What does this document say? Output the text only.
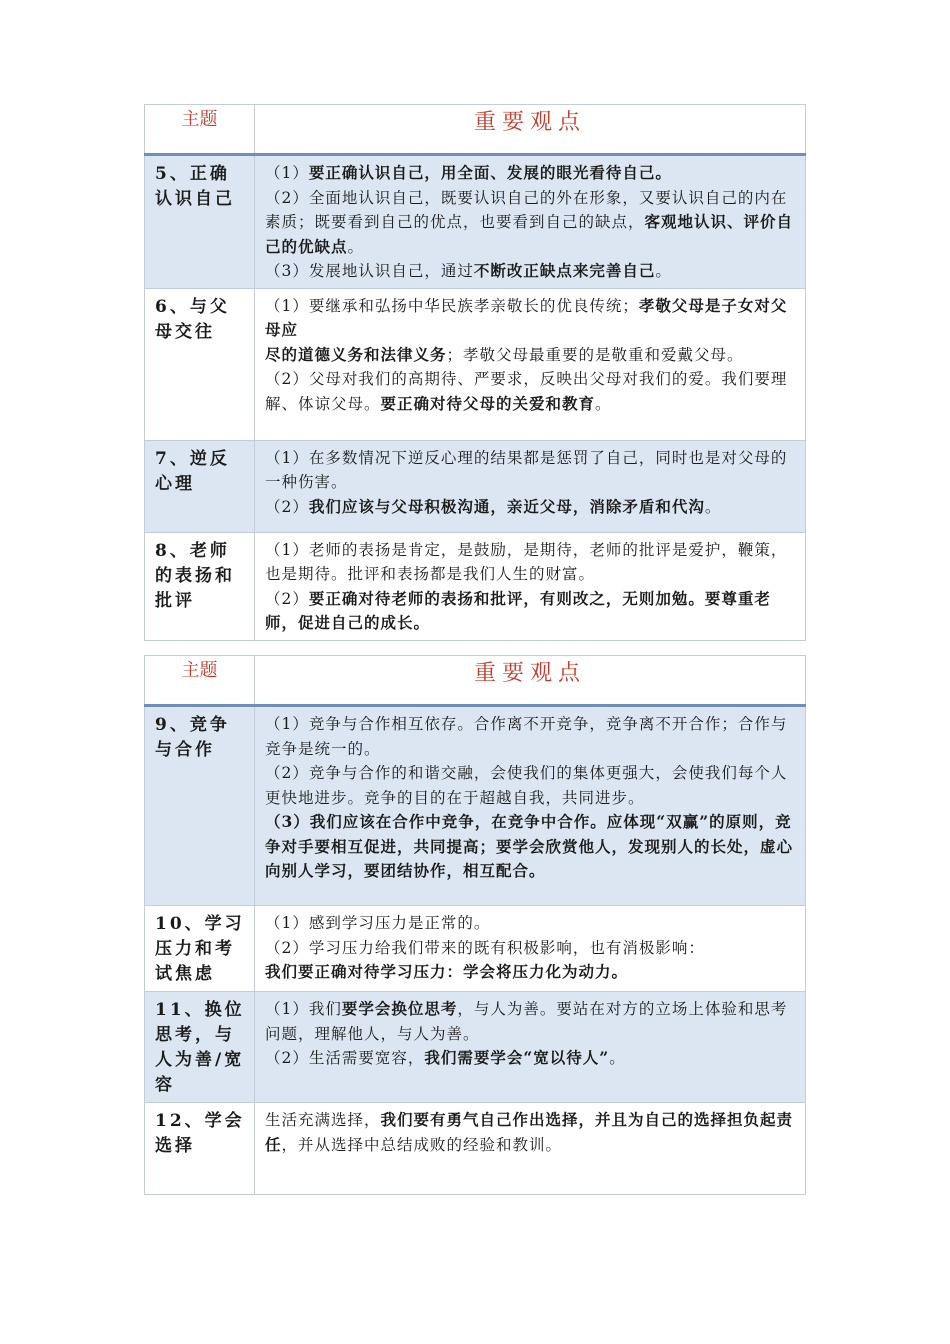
主题	重要观点
5、正确认识自己	（1）要正确认识自己，用全面、发展的眼光看待自己。
（2）全面地认识自己，既要认识自己的外在形象，又要认识自己的内在素质；既要看到自己的优点，也要看到自己的缺点，客观地认识、评价自己的优缺点。
（3）发展地认识自己，通过不断改正缺点来完善自己。

6、与父母交往	（1）要继承和弘扬中华民族孝亲敬长的优良传统；孝敬父母是子女对父母应
尽的道德义务和法律义务；孝敬父母最重要的是敬重和爱戴父母。
（2）父母对我们的高期待、严要求，反映出父母对我们的爱。我们要理解、体谅父母。要正确对待父母的关爱和教育。

7、逆反心理	（1）在多数情况下逆反心理的结果都是惩罚了自己，同时也是对父母的一种伤害。
（2）我们应该与父母积极沟通，亲近父母，消除矛盾和代沟。

8、老师的表扬和批评	（1）老师的表扬是肯定，是鼓励，是期待，老师的批评是爱护，鞭策，也是期待。批评和表扬都是我们人生的财富。
（2）要正确对待老师的表扬和批评，有则改之，无则加勉。要尊重老师，促进自己的成长。
主题	重要观点
9、竞争与合作	（1）竞争与合作相互依存。合作离不开竞争，竞争离不开合作；合作与竞争是统一的。
（2）竞争与合作的和谐交融，会使我们的集体更强大，会使我们每个人更快地进步。竞争的目的在于超越自我，共同进步。
（3）我们应该在合作中竞争，在竞争中合作。应体现“双赢”的原则，竞争对手要相互促进，共同提高；要学会欣赏他人，发现别人的长处，虚心向别人学习，要团结协作，相互配合。

10、学习压力和考试焦虑	（1）感到学习压力是正常的。
（2）学习压力给我们带来的既有积极影响，也有消极影响：
我们要正确对待学习压力：学会将压力化为动力。

11、换位思考，与人为善/宽容	（1）我们要学会换位思考，与人为善。要站在对方的立场上体验和思考问题，理解他人，与人为善。
（2）生活需要宽容，我们需要学会“宽以待人”。

12、学会选择	生活充满选择，我们要有勇气自己作出选择，并且为自己的选择担负起责任，并从选择中总结成败的经验和教训。
